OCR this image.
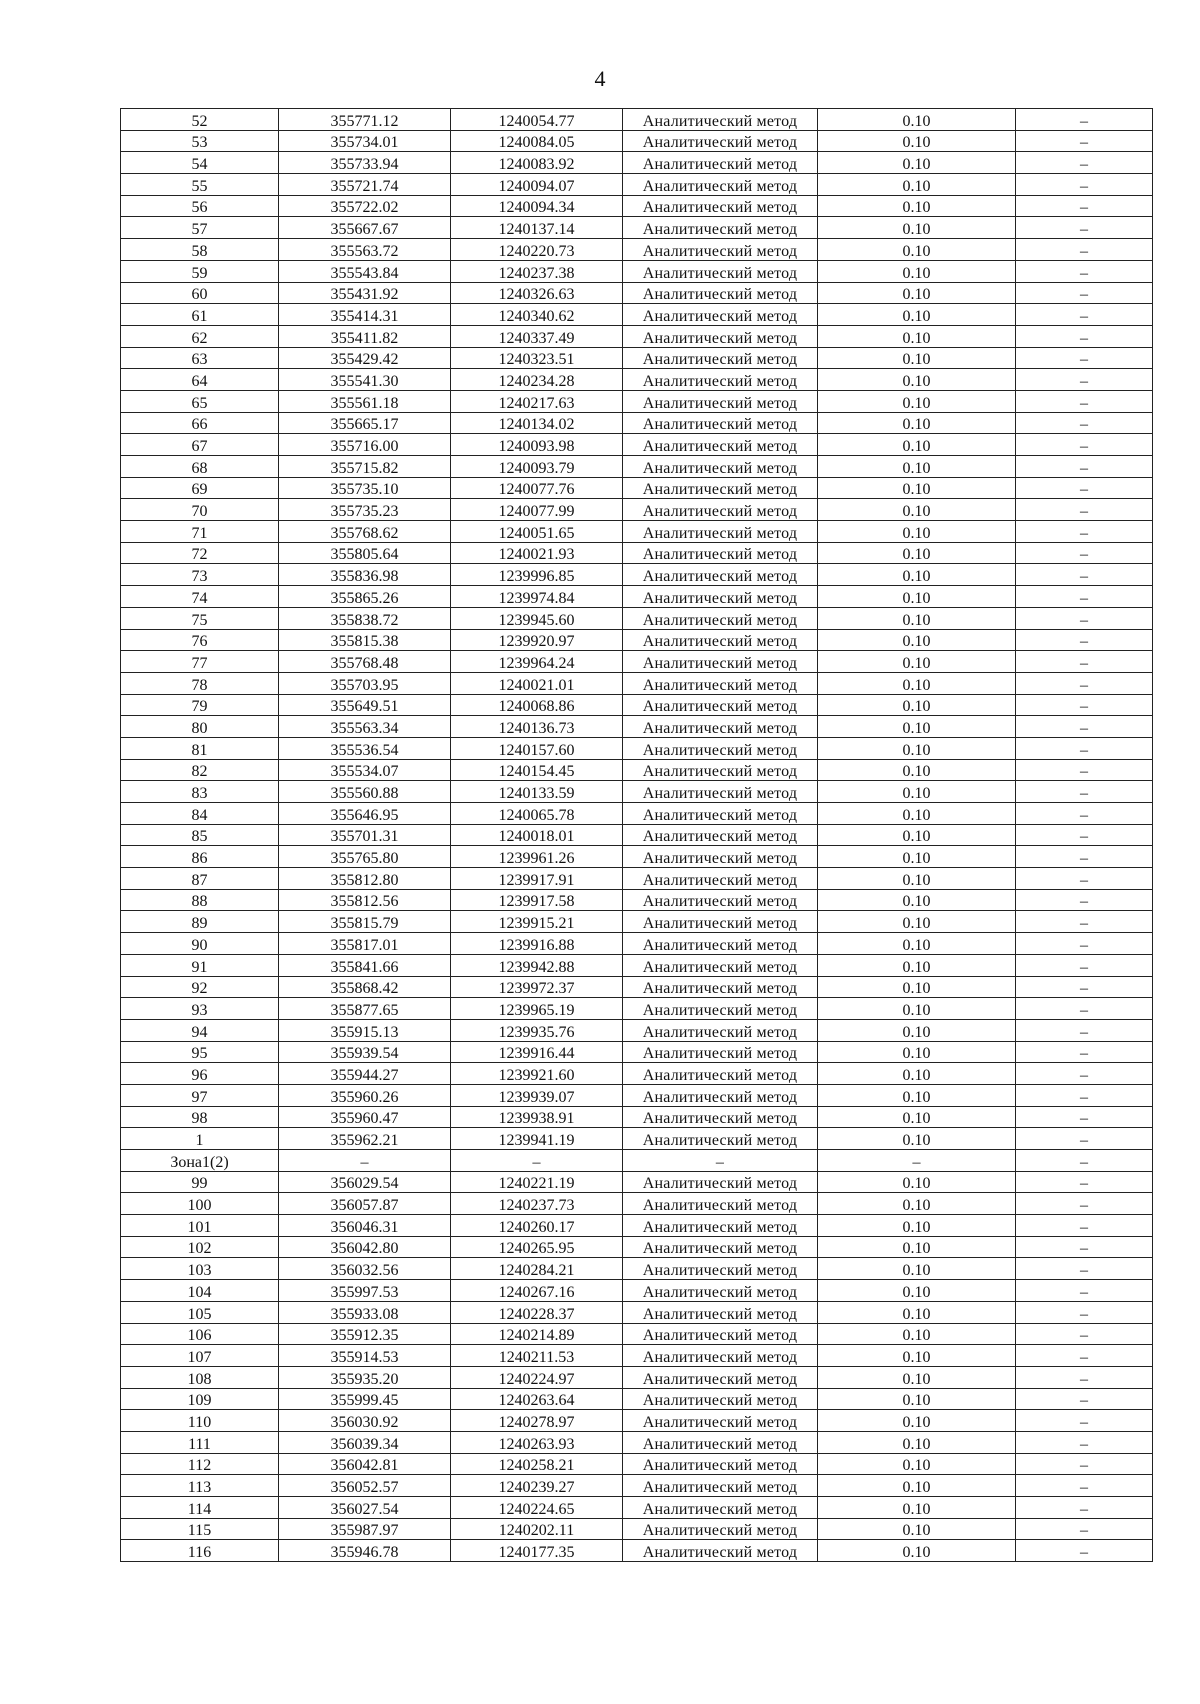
4
52	355771.12	1240054.77	Аналитический метод	0.10	–
53	355734.01	1240084.05	Аналитический метод	0.10	–
54	355733.94	1240083.92	Аналитический метод	0.10	–
55	355721.74	1240094.07	Аналитический метод	0.10	–
56	355722.02	1240094.34	Аналитический метод	0.10	–
57	355667.67	1240137.14	Аналитический метод	0.10	–
58	355563.72	1240220.73	Аналитический метод	0.10	–
59	355543.84	1240237.38	Аналитический метод	0.10	–
60	355431.92	1240326.63	Аналитический метод	0.10	–
61	355414.31	1240340.62	Аналитический метод	0.10	–
62	355411.82	1240337.49	Аналитический метод	0.10	–
63	355429.42	1240323.51	Аналитический метод	0.10	–
64	355541.30	1240234.28	Аналитический метод	0.10	–
65	355561.18	1240217.63	Аналитический метод	0.10	–
66	355665.17	1240134.02	Аналитический метод	0.10	–
67	355716.00	1240093.98	Аналитический метод	0.10	–
68	355715.82	1240093.79	Аналитический метод	0.10	–
69	355735.10	1240077.76	Аналитический метод	0.10	–
70	355735.23	1240077.99	Аналитический метод	0.10	–
71	355768.62	1240051.65	Аналитический метод	0.10	–
72	355805.64	1240021.93	Аналитический метод	0.10	–
73	355836.98	1239996.85	Аналитический метод	0.10	–
74	355865.26	1239974.84	Аналитический метод	0.10	–
75	355838.72	1239945.60	Аналитический метод	0.10	–
76	355815.38	1239920.97	Аналитический метод	0.10	–
77	355768.48	1239964.24	Аналитический метод	0.10	–
78	355703.95	1240021.01	Аналитический метод	0.10	–
79	355649.51	1240068.86	Аналитический метод	0.10	–
80	355563.34	1240136.73	Аналитический метод	0.10	–
81	355536.54	1240157.60	Аналитический метод	0.10	–
82	355534.07	1240154.45	Аналитический метод	0.10	–
83	355560.88	1240133.59	Аналитический метод	0.10	–
84	355646.95	1240065.78	Аналитический метод	0.10	–
85	355701.31	1240018.01	Аналитический метод	0.10	–
86	355765.80	1239961.26	Аналитический метод	0.10	–
87	355812.80	1239917.91	Аналитический метод	0.10	–
88	355812.56	1239917.58	Аналитический метод	0.10	–
89	355815.79	1239915.21	Аналитический метод	0.10	–
90	355817.01	1239916.88	Аналитический метод	0.10	–
91	355841.66	1239942.88	Аналитический метод	0.10	–
92	355868.42	1239972.37	Аналитический метод	0.10	–
93	355877.65	1239965.19	Аналитический метод	0.10	–
94	355915.13	1239935.76	Аналитический метод	0.10	–
95	355939.54	1239916.44	Аналитический метод	0.10	–
96	355944.27	1239921.60	Аналитический метод	0.10	–
97	355960.26	1239939.07	Аналитический метод	0.10	–
98	355960.47	1239938.91	Аналитический метод	0.10	–
1	355962.21	1239941.19	Аналитический метод	0.10	–
Зона1(2)	–	–	–	–	–
99	356029.54	1240221.19	Аналитический метод	0.10	–
100	356057.87	1240237.73	Аналитический метод	0.10	–
101	356046.31	1240260.17	Аналитический метод	0.10	–
102	356042.80	1240265.95	Аналитический метод	0.10	–
103	356032.56	1240284.21	Аналитический метод	0.10	–
104	355997.53	1240267.16	Аналитический метод	0.10	–
105	355933.08	1240228.37	Аналитический метод	0.10	–
106	355912.35	1240214.89	Аналитический метод	0.10	–
107	355914.53	1240211.53	Аналитический метод	0.10	–
108	355935.20	1240224.97	Аналитический метод	0.10	–
109	355999.45	1240263.64	Аналитический метод	0.10	–
110	356030.92	1240278.97	Аналитический метод	0.10	–
111	356039.34	1240263.93	Аналитический метод	0.10	–
112	356042.81	1240258.21	Аналитический метод	0.10	–
113	356052.57	1240239.27	Аналитический метод	0.10	–
114	356027.54	1240224.65	Аналитический метод	0.10	–
115	355987.97	1240202.11	Аналитический метод	0.10	–
116	355946.78	1240177.35	Аналитический метод	0.10	–
